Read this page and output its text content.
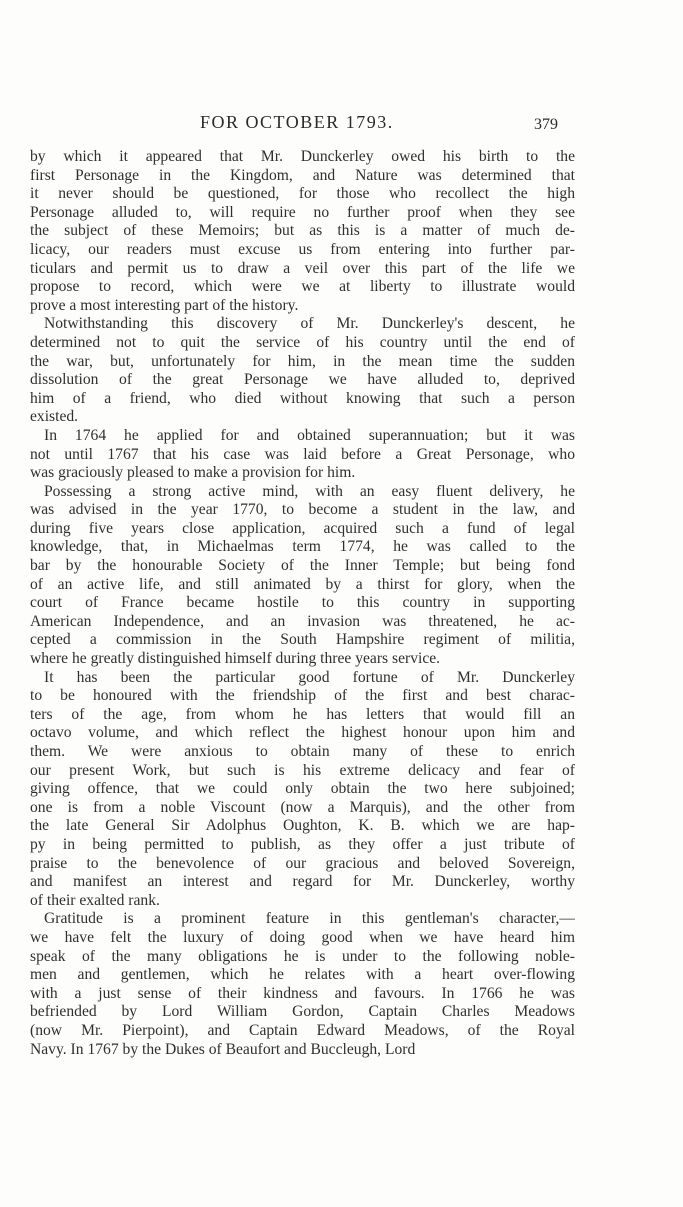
FOR OCTOBER 1793.	379
by which it appeared that Mr. Dunckerley owed his birth to the
first Personage in the Kingdom, and Nature was determined that
it never should be questioned, for those who recollect the high
Personage alluded to, will require no further proof when they see
the subject of these Memoirs; but as this is a matter of much de-
licacy, our readers must excuse us from entering into further par-
ticulars and permit us to draw a veil over this part of the life we
propose to record, which were we at liberty to illustrate would
prove a most interesting part of the history.
Notwithstanding this discovery of Mr. Dunckerley's descent, he
determined not to quit the service of his country until the end of
the war, but, unfortunately for him, in the mean time the sudden
dissolution of the great Personage we have alluded to, deprived
him of a friend, who died without knowing that such a person
existed.
In 1764 he applied for and obtained superannuation; but it was
not until 1767 that his case was laid before a Great Personage, who
was graciously pleased to make a provision for him.
Possessing a strong active mind, with an easy fluent delivery, he
was advised in the year 1770, to become a student in the law, and
during five years close application, acquired such a fund of legal
knowledge, that, in Michaelmas term 1774, he was called to the
bar by the honourable Society of the Inner Temple; but being fond
of an active life, and still animated by a thirst for glory, when the
court of France became hostile to this country in supporting
American Independence, and an invasion was threatened, he ac-
cepted a commission in the South Hampshire regiment of militia,
where he greatly distinguished himself during three years service.
It has been the particular good fortune of Mr. Dunckerley
to be honoured with the friendship of the first and best charac-
ters of the age, from whom he has letters that would fill an
octavo volume, and which reflect the highest honour upon him and
them. We were anxious to obtain many of these to enrich
our present Work, but such is his extreme delicacy and fear of
giving offence, that we could only obtain the two here subjoined;
one is from a noble Viscount (now a Marquis), and the other from
the late General Sir Adolphus Oughton, K. B. which we are hap-
py in being permitted to publish, as they offer a just tribute of
praise to the benevolence of our gracious and beloved Sovereign,
and manifest an interest and regard for Mr. Dunckerley, worthy
of their exalted rank.
Gratitude is a prominent feature in this gentleman's character,—
we have felt the luxury of doing good when we have heard him
speak of the many obligations he is under to the following noble-
men and gentlemen, which he relates with a heart over-flowing
with a just sense of their kindness and favours. In 1766 he was
befriended by Lord William Gordon, Captain Charles Meadows
(now Mr. Pierpoint), and Captain Edward Meadows, of the Royal
Navy. In 1767 by the Dukes of Beaufort and Buccleugh, Lord
